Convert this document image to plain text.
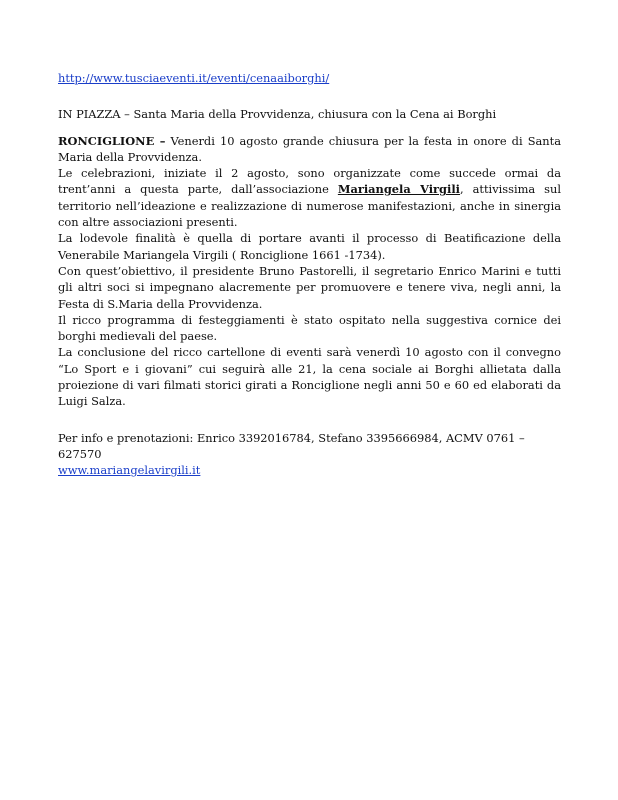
http://www.tusciaeventi.it/eventi/cenaaiborghi/

IN PIAZZA – Santa Maria della Provvidenza, chiusura con la Cena ai Borghi

RONCIGLIONE – Venerdi 10 agosto grande chiusura per la festa in onore di Santa Maria della Provvidenza.

Le celebrazioni, iniziate il 2 agosto, sono organizzate come succede ormai da trent’anni a questa parte, dall’associazione Mariangela Virgili, attivissima sul territorio nell’ideazione e realizzazione di numerose manifestazioni, anche in sinergia con altre associazioni presenti.

La lodevole finalità è quella di portare avanti il processo di Beatificazione della Venerabile Mariangela Virgili ( Ronciglione 1661 -1734).

Con quest’obiettivo, il presidente Bruno Pastorelli, il segretario Enrico Marini e tutti gli altri soci si impegnano alacremente per promuovere e tenere viva, negli anni, la Festa di S.Maria della Provvidenza.

Il ricco programma di festeggiamenti è stato ospitato nella suggestiva cornice dei borghi medievali del paese.

La conclusione del ricco cartellone di eventi sarà venerdì 10 agosto con il convegno “Lo Sport e i giovani” cui seguirà alle 21, la cena sociale ai Borghi allietata dalla proiezione di vari filmati storici girati a Ronciglione negli anni 50 e 60 ed elaborati da Luigi Salza.

Per info e prenotazioni: Enrico 3392016784, Stefano 3395666984, ACMV 0761 – 627570

www.mariangelavirgili.it
